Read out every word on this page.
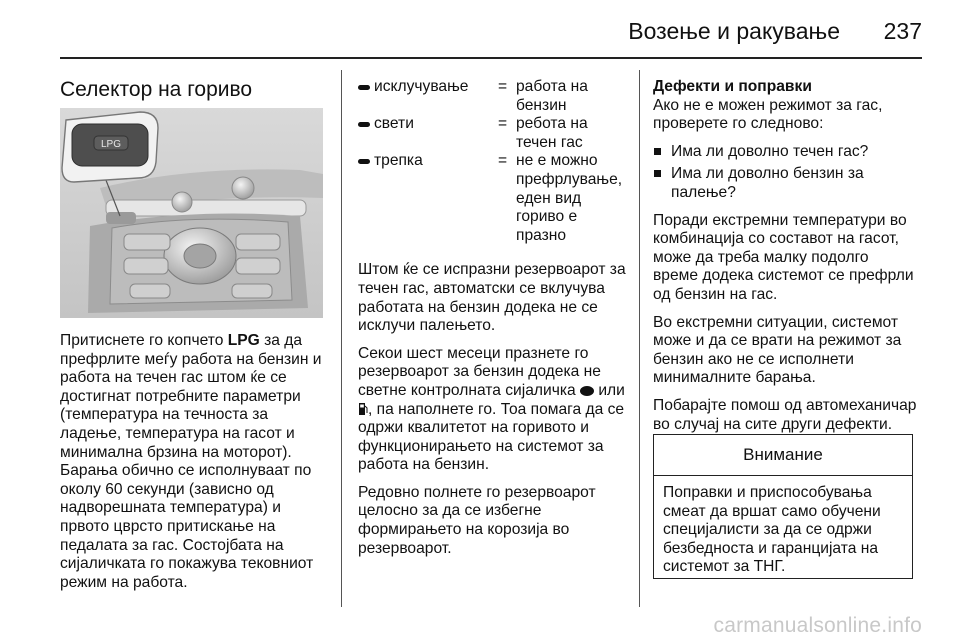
Возење и ракување 237
Селектор на гориво
LPG

Притиснете го копчето LPG за да префрлите меѓу работа на бензин и работа на течен гас штом ќе се достигнат потребните параметри (температура на течноста за ладење, температура на гасот и минимална брзина на моторот). Барања обично се исполнуваат по околу 60 секунди (зависно од надворешната температура) и првото цврсто притискање на педалата за гас. Состојбата на сијаличката го покажува тековниот режим на работа.

исклучување	= работа на бензин
свети	= ребота на течен гас
трепка	= не е можно префрлување, еден вид гориво е празно

Штом ќе се испразни резервоарот за течен гас, автоматски се вклучува работата на бензин додека не се исклучи палењето.

Секои шест месеци празнете го резервоарот за бензин додека не светне контролната сијаличка  или , па наполнете го. Тоа помага да се одржи квалитетот на горивото и функционирањето на системот за работа на бензин.

Редовно полнете го резервоарот целосно за да се избегне формирањето на корозија во резервоарот.

Дефекти и поправки

Ако не е можен режимот за гас, проверете го следново:

Има ли доволно течен гас?
Има ли доволно бензин за палење?

Поради екстремни температури во комбинација со составот на гасот, може да треба малку подолго време додека системот се префрли од бензин на гас.

Во екстремни ситуации, системот може и да се врати на режимот за бензин ако не се исполнети минималните барања.

Побарајте помош од автомеханичар во случај на сите други дефекти.

Внимание
Поправки и приспособувања смеат да вршат само обучени специјалисти за да се одржи безбедноста и гаранцијата на системот за ТНГ.
carmanualsonline.info
